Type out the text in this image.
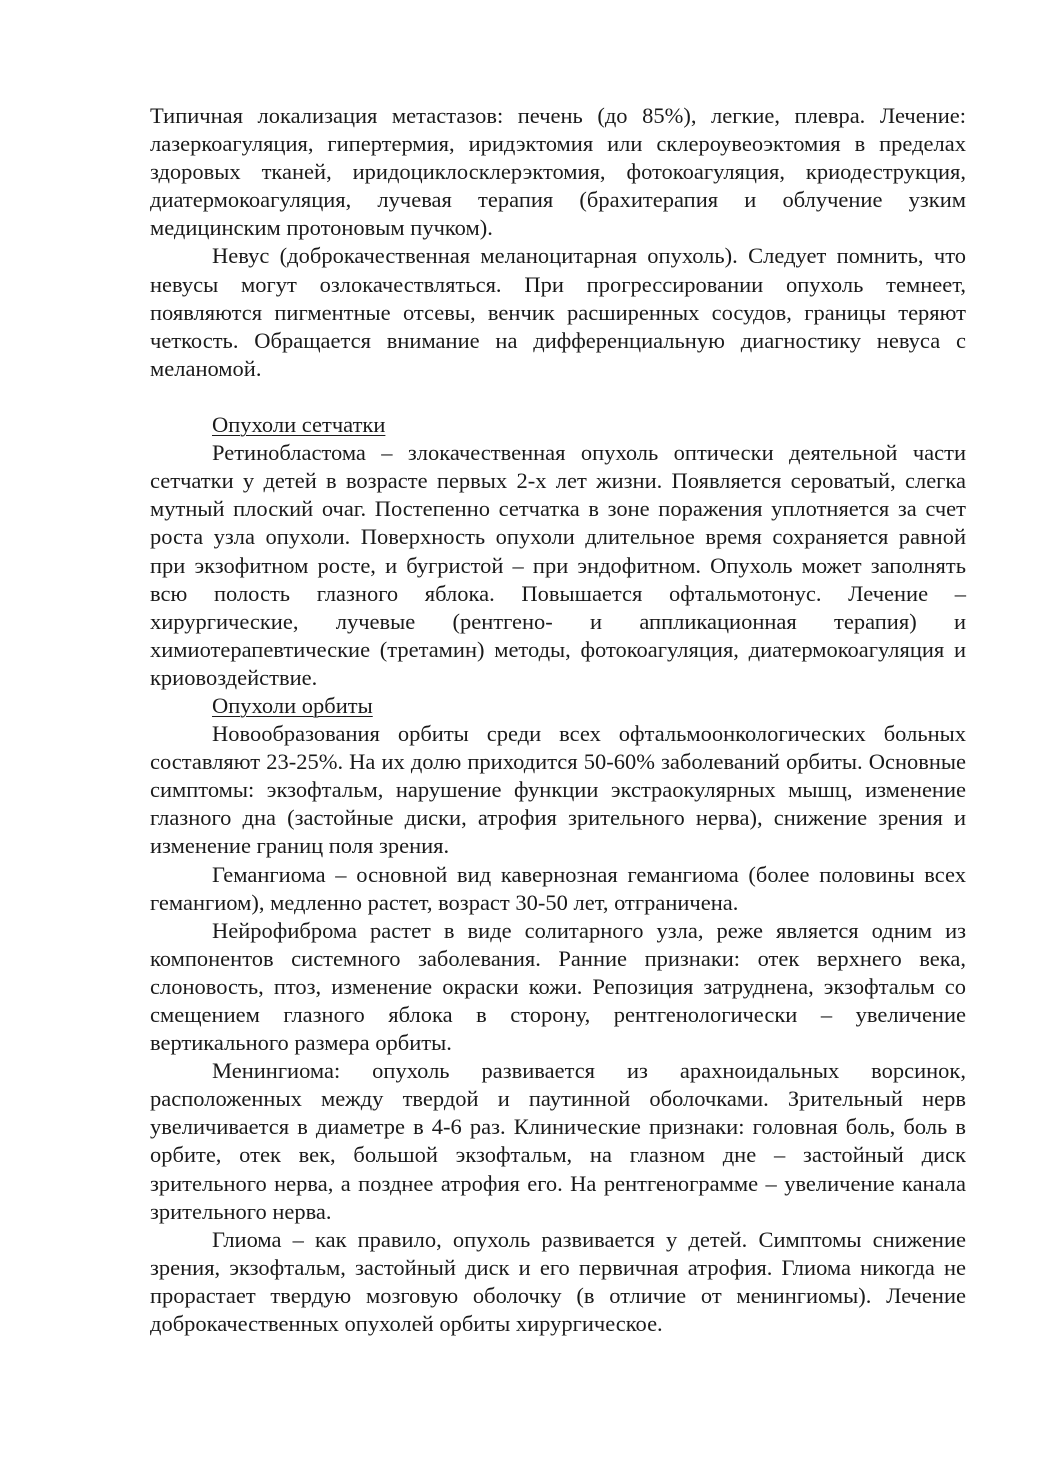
Типичная локализация метастазов: печень (до 85%), легкие, плевра. Лечение: лазеркоагуляция, гипертермия, иридэктомия или склероувеоэктомия в пределах здоровых тканей, иридоциклосклерэктомия, фотокоагуляция, криодеструкция, диатермокоагуляция, лучевая терапия (брахитерапия и облучение узким медицинским протоновым пучком).

Невус (доброкачественная меланоцитарная опухоль). Следует помнить, что невусы могут озлокачествляться. При прогрессировании опухоль темнеет, появляются пигментные отсевы, венчик расширенных сосудов, границы теряют четкость. Обращается внимание на дифференциальную диагностику невуса с меланомой.

Опухоли сетчатки

Ретинобластома – злокачественная опухоль оптически деятельной части сетчатки у детей в возрасте первых 2-х лет жизни. Появляется сероватый, слегка мутный плоский очаг. Постепенно сетчатка в зоне поражения уплотняется за счет роста узла опухоли. Поверхность опухоли длительное время сохраняется равной при экзофитном росте, и бугристой – при эндофитном. Опухоль может заполнять всю полость глазного яблока. Повышается офтальмотонус. Лечение – хирургические, лучевые (рентгено- и аппликационная терапия) и химиотерапевтические (третамин) методы, фотокоагуляция, диатермокоагуляция и криовоздействие.

Опухоли орбиты

Новообразования орбиты среди всех офтальмоонкологических больных составляют 23-25%. На их долю приходится 50-60% заболеваний орбиты. Основные симптомы: экзофтальм, нарушение функции экстраокулярных мышц, изменение глазного дна (застойные диски, атрофия зрительного нерва), снижение зрения и изменение границ поля зрения.

Гемангиома – основной вид кавернозная гемангиома (более половины всех гемангиом), медленно растет, возраст 30-50 лет, отграничена.

Нейрофиброма растет в виде солитарного узла, реже является одним из компонентов системного заболевания. Ранние признаки: отек верхнего века, слоновость, птоз, изменение окраски кожи. Репозиция затруднена, экзофтальм со смещением глазного яблока в сторону, рентгенологически – увеличение вертикального размера орбиты.

Менингиома: опухоль развивается из арахноидальных ворсинок, расположенных между твердой и паутинной оболочками. Зрительный нерв увеличивается в диаметре в 4-6 раз. Клинические признаки: головная боль, боль в орбите, отек век, большой экзофтальм, на глазном дне – застойный диск зрительного нерва, а позднее атрофия его. На рентгенограмме – увеличение канала зрительного нерва.

Глиома – как правило, опухоль развивается у детей. Симптомы снижение зрения, экзофтальм, застойный диск и его первичная атрофия. Глиома никогда не прорастает твердую мозговую оболочку (в отличие от менингиомы). Лечение доброкачественных опухолей орбиты хирургическое.
